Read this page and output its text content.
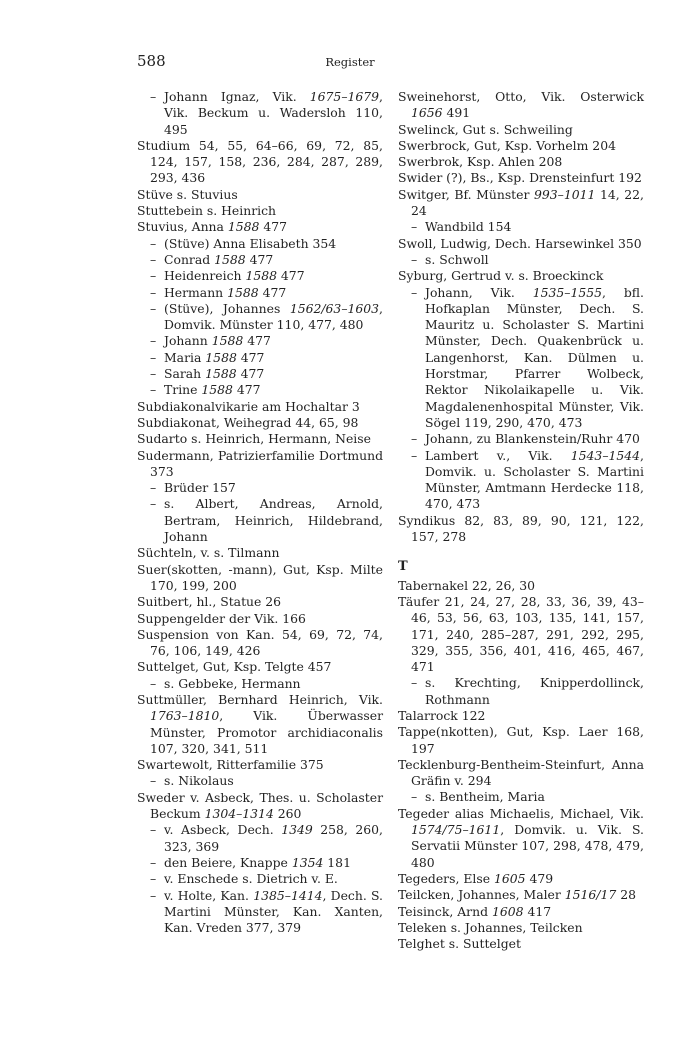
588	Register
– Johann Ignaz, Vik. 1675–1679, Vik. Beckum u. Wadersloh 110, 495
Studium 54, 55, 64–66, 69, 72, 85, 124, 157, 158, 236, 284, 287, 289, 293, 436
Stüve s. Stuvius
Stuttebein s. Heinrich
Stuvius, Anna 1588 477
– (Stüve) Anna Elisabeth 354
– Conrad 1588 477
– Heidenreich 1588 477
– Hermann 1588 477
– (Stüve), Johannes 1562/63–1603, Domvik. Münster 110, 477, 480
– Johann 1588 477
– Maria 1588 477
– Sarah 1588 477
– Trine 1588 477
Subdiakonalvikarie am Hochaltar 3
Subdiakonat, Weihegrad 44, 65, 98
Sudarto s. Heinrich, Hermann, Neise
Sudermann, Patrizierfamilie Dortmund 373
– Brüder 157
– s. Albert, Andreas, Arnold, Bertram, Heinrich, Hildebrand, Johann
Süchteln, v. s. Tilmann
Suer(skotten, -mann), Gut, Ksp. Milte 170, 199, 200
Suitbert, hl., Statue 26
Suppengelder der Vik. 166
Suspension von Kan. 54, 69, 72, 74, 76, 106, 149, 426
Suttelget, Gut, Ksp. Telgte 457
– s. Gebbeke, Hermann
Suttmüller, Bernhard Heinrich, Vik. 1763–1810, Vik. Überwasser Münster, Promotor archidiaconalis 107, 320, 341, 511
Swartewolt, Ritterfamilie 375
– s. Nikolaus
Sweder v. Asbeck, Thes. u. Scholaster Beckum 1304–1314 260
– v. Asbeck, Dech. 1349 258, 260, 323, 369
– den Beiere, Knappe 1354 181
– v. Enschede s. Dietrich v. E.
– v. Holte, Kan. 1385–1414, Dech. S. Martini Münster, Kan. Xanten, Kan. Vreden 377, 379
Sweinehorst, Otto, Vik. Osterwick 1656 491
Swelinck, Gut s. Schweiling
Swerbrock, Gut, Ksp. Vorhelm 204
Swerbrok, Ksp. Ahlen 208
Swider (?), Bs., Ksp. Drensteinfurt 192
Switger, Bf. Münster 993–1011 14, 22, 24
– Wandbild 154
Swoll, Ludwig, Dech. Harsewinkel 350
– s. Schwoll
Syburg, Gertrud v. s. Broeckinck
– Johann, Vik. 1535–1555, bfl. Hofkaplan Münster, Dech. S. Mauritz u. Scholaster S. Martini Münster, Dech. Quakenbrück u. Langenhorst, Kan. Dülmen u. Horstmar, Pfarrer Wolbeck, Rektor Nikolaikapelle u. Vik. Magdalenenhospital Münster, Vik. Sögel 119, 290, 470, 473
– Johann, zu Blankenstein/Ruhr 470
– Lambert v., Vik. 1543–1544, Domvik. u. Scholaster S. Martini Münster, Amtmann Herdecke 118, 470, 473
Syndikus 82, 83, 89, 90, 121, 122, 157, 278
T
Tabernakel 22, 26, 30
Täufer 21, 24, 27, 28, 33, 36, 39, 43–46, 53, 56, 63, 103, 135, 141, 157, 171, 240, 285–287, 291, 292, 295, 329, 355, 356, 401, 416, 465, 467, 471
– s. Krechting, Knipperdollinck, Rothmann
Talarrock 122
Tappe(nkotten), Gut, Ksp. Laer 168, 197
Tecklenburg-Bentheim-Steinfurt, Anna Gräfin v. 294
– s. Bentheim, Maria
Tegeder alias Michaelis, Michael, Vik. 1574/75–1611, Domvik. u. Vik. S. Servatii Münster 107, 298, 478, 479, 480
Tegeders, Else 1605 479
Teilcken, Johannes, Maler 1516/17 28
Teisinck, Arnd 1608 417
Teleken s. Johannes, Teilcken
Telghet s. Suttelget
